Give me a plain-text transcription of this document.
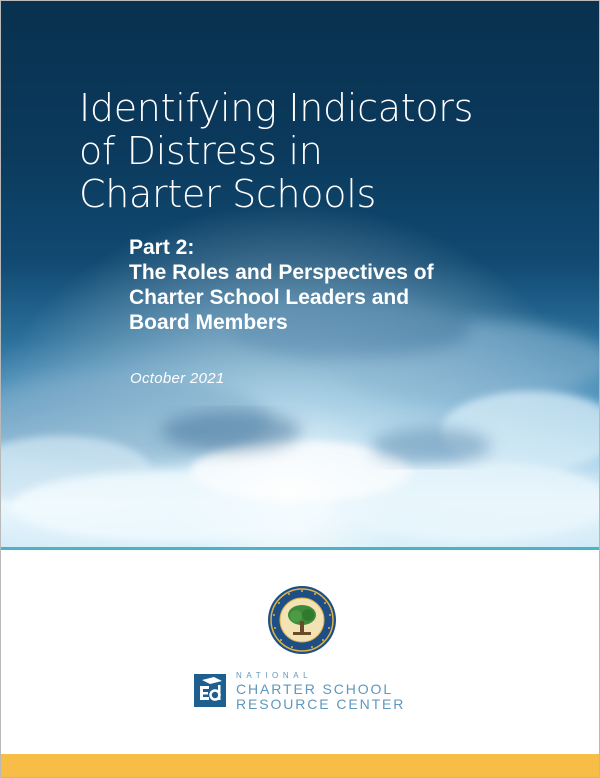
Identifying Indicators
of Distress in
Charter Schools
Part 2:
The Roles and Perspectives of
Charter School Leaders and
Board Members
October 2021
NATIONAL
CHARTER SCHOOL
RESOURCE CENTER
